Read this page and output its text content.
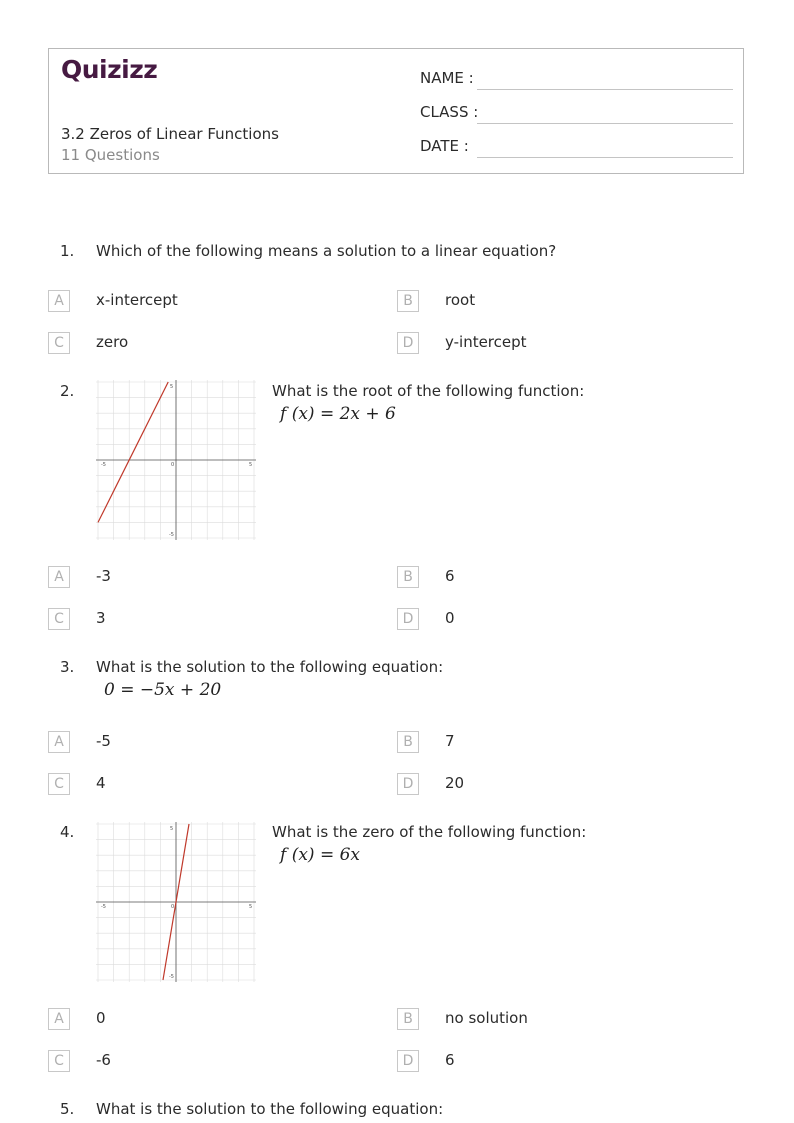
Quizizz
3.2 Zeros of Linear Functions
11 Questions
NAME :
CLASS :
DATE :
1. Which of the following means a solution to a linear equation?
A	x-intercept	B	root
C	zero	D	y-intercept
2.
-5	5
0
5
-5
What is the root of the following function:
f (x) = 2x + 6
A	-3	B	6
C	3	D	0
3. What is the solution to the following equation:
0 = −5x + 20
A	-5	B	7
C	4	D	20
4.
-5	5
0
5
-5
What is the zero of the following function:
f (x) = 6x
A	0	B	no solution
C	-6	D	6
5. What is the solution to the following equation:
